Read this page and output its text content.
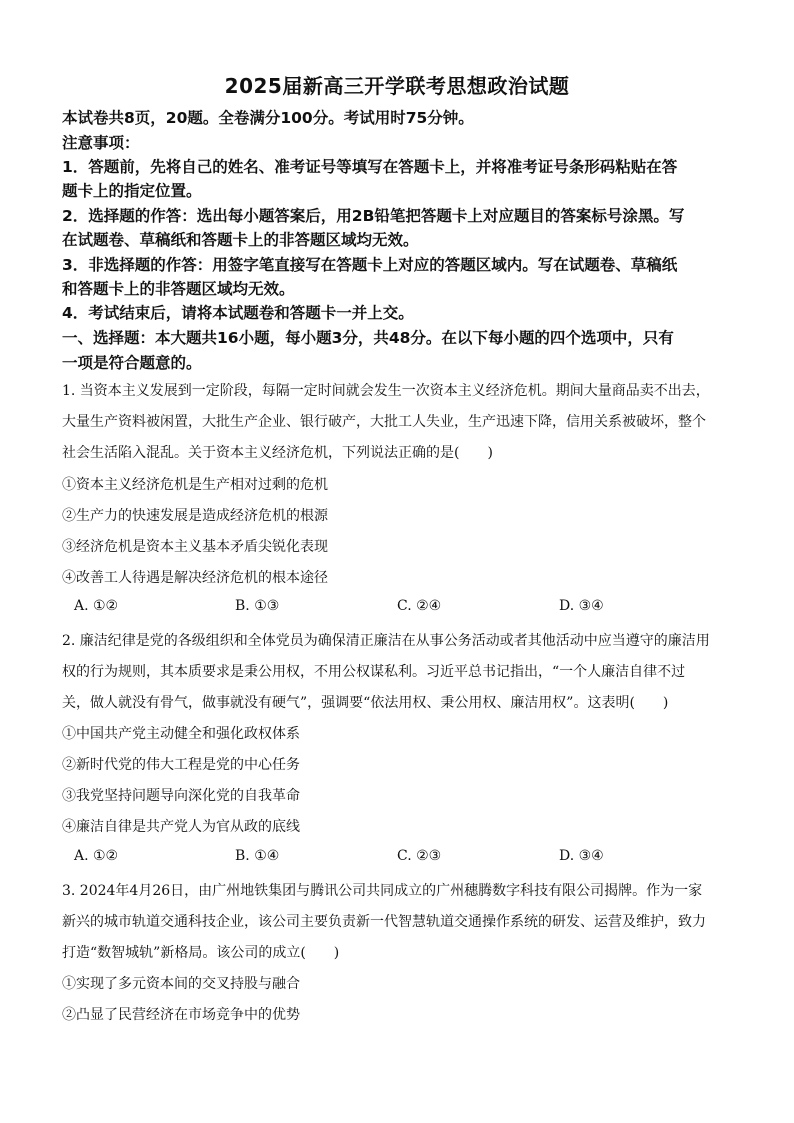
2025届新高三开学联考思想政治试题
本试卷共8页，20题。全卷满分100分。考试用时75分钟。
注意事项：
1．答题前，先将自己的姓名、准考证号等填写在答题卡上，并将准考证号条形码粘贴在答
题卡上的指定位置。
2．选择题的作答：选出每小题答案后，用2B铅笔把答题卡上对应题目的答案标号涂黑。写
在试题卷、草稿纸和答题卡上的非答题区域均无效。
3．非选择题的作答：用签字笔直接写在答题卡上对应的答题区域内。写在试题卷、草稿纸
和答题卡上的非答题区域均无效。
4．考试结束后，请将本试题卷和答题卡一并上交。
一、选择题：本大题共16小题，每小题3分，共48分。在以下每小题的四个选项中，只有
一项是符合题意的。
1. 当资本主义发展到一定阶段，每隔一定时间就会发生一次资本主义经济危机。期间大量商品卖不出去，
大量生产资料被闲置，大批生产企业、银行破产，大批工人失业，生产迅速下降，信用关系被破坏，整个
社会生活陷入混乱。关于资本主义经济危机，下列说法正确的是(　　)
①资本主义经济危机是生产相对过剩的危机
②生产力的快速发展是造成经济危机的根源
③经济危机是资本主义基本矛盾尖锐化表现
④改善工人待遇是解决经济危机的根本途径
A. ①②	B. ①③	C. ②④	D. ③④
2. 廉洁纪律是党的各级组织和全体党员为确保清正廉洁在从事公务活动或者其他活动中应当遵守的廉洁用
权的行为规则，其本质要求是秉公用权，不用公权谋私利。习近平总书记指出，“一个人廉洁自律不过
关，做人就没有骨气，做事就没有硬气”，强调要“依法用权、秉公用权、廉洁用权”。这表明(　　)
①中国共产党主动健全和强化政权体系
②新时代党的伟大工程是党的中心任务
③我党坚持问题导向深化党的自我革命
④廉洁自律是共产党人为官从政的底线
A. ①②	B. ①④	C. ②③	D. ③④
3. 2024年4月26日，由广州地铁集团与腾讯公司共同成立的广州穗腾数字科技有限公司揭牌。作为一家
新兴的城市轨道交通科技企业，该公司主要负责新一代智慧轨道交通操作系统的研发、运营及维护，致力
打造“数智城轨”新格局。该公司的成立(　　)
①实现了多元资本间的交叉持股与融合
②凸显了民营经济在市场竞争中的优势
